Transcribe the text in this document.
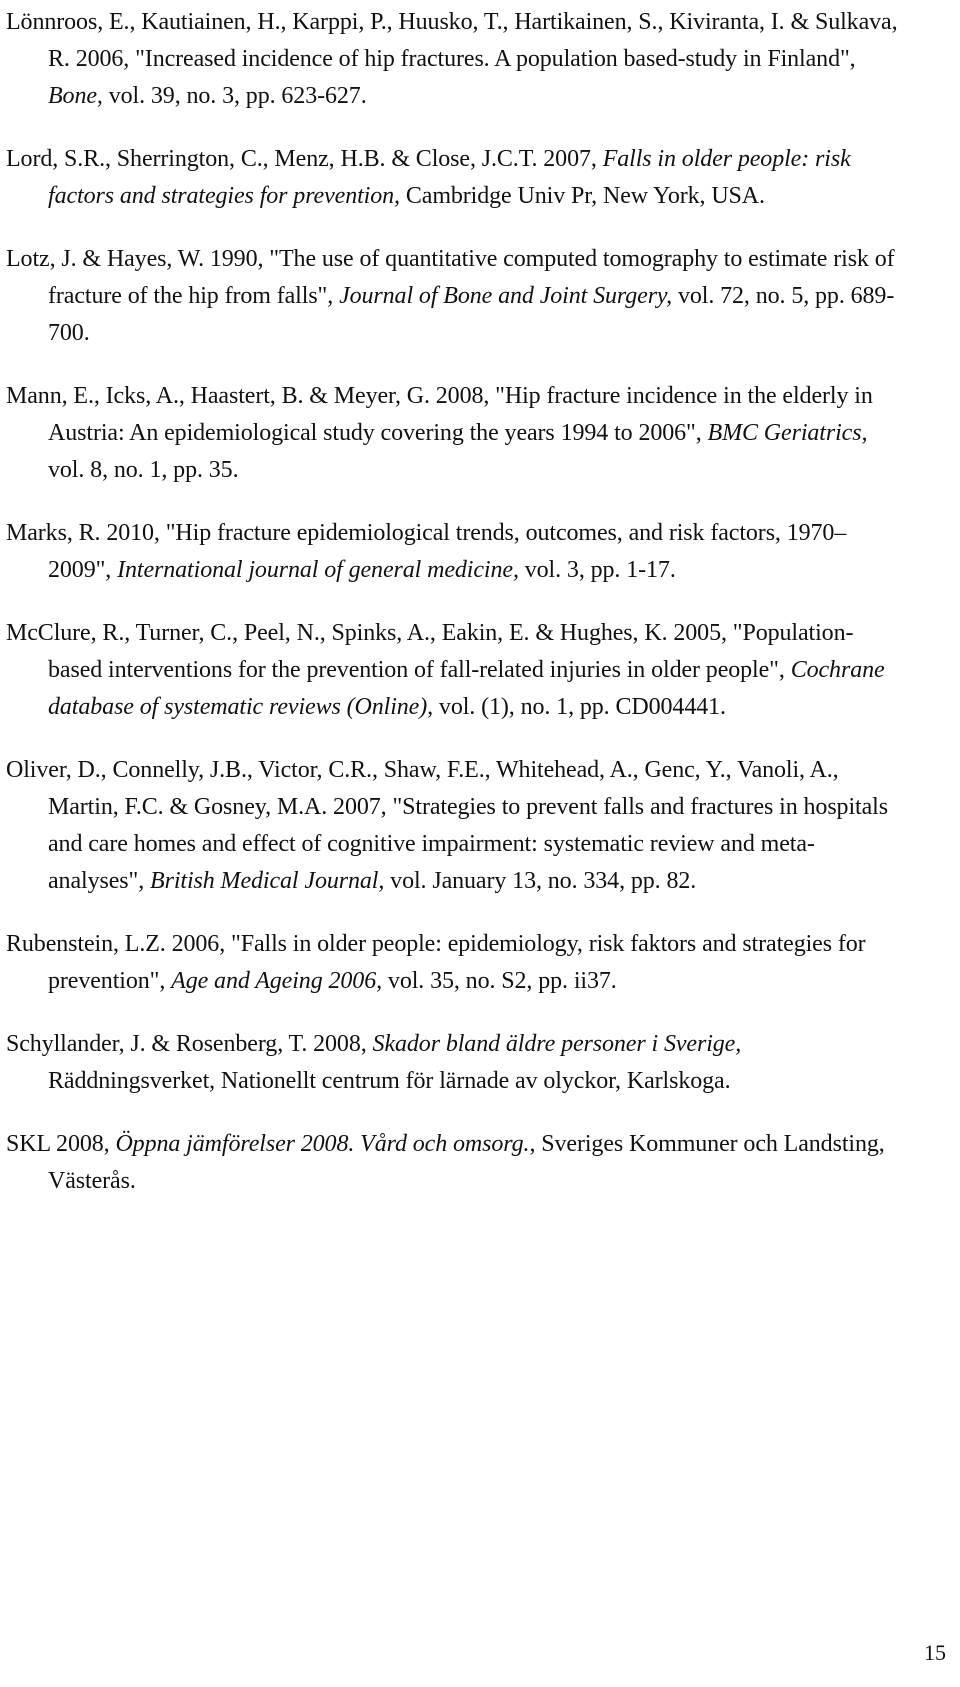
Lönnroos, E., Kautiainen, H., Karppi, P., Huusko, T., Hartikainen, S., Kiviranta, I. & Sulkava, R. 2006, "Increased incidence of hip fractures. A population based-study in Finland", Bone, vol. 39, no. 3, pp. 623-627.

Lord, S.R., Sherrington, C., Menz, H.B. & Close, J.C.T. 2007, Falls in older people: risk factors and strategies for prevention, Cambridge Univ Pr, New York, USA.

Lotz, J. & Hayes, W. 1990, "The use of quantitative computed tomography to estimate risk of fracture of the hip from falls", Journal of Bone and Joint Surgery, vol. 72, no. 5, pp. 689-700.

Mann, E., Icks, A., Haastert, B. & Meyer, G. 2008, "Hip fracture incidence in the elderly in Austria: An epidemiological study covering the years 1994 to 2006", BMC Geriatrics, vol. 8, no. 1, pp. 35.

Marks, R. 2010, "Hip fracture epidemiological trends, outcomes, and risk factors, 1970–2009", International journal of general medicine, vol. 3, pp. 1-17.

McClure, R., Turner, C., Peel, N., Spinks, A., Eakin, E. & Hughes, K. 2005, "Population-based interventions for the prevention of fall-related injuries in older people", Cochrane database of systematic reviews (Online), vol. (1), no. 1, pp. CD004441.

Oliver, D., Connelly, J.B., Victor, C.R., Shaw, F.E., Whitehead, A., Genc, Y., Vanoli, A., Martin, F.C. & Gosney, M.A. 2007, "Strategies to prevent falls and fractures in hospitals and care homes and effect of cognitive impairment: systematic review and meta-analyses", British Medical Journal, vol. January 13, no. 334, pp. 82.

Rubenstein, L.Z. 2006, "Falls in older people: epidemiology, risk faktors and strategies for prevention", Age and Ageing 2006, vol. 35, no. S2, pp. ii37.

Schyllander, J. & Rosenberg, T. 2008, Skador bland äldre personer i Sverige, Räddningsverket, Nationellt centrum för lärnade av olyckor, Karlskoga.

SKL 2008, Öppna jämförelser 2008. Vård och omsorg., Sveriges Kommuner och Landsting, Västerås.

15
